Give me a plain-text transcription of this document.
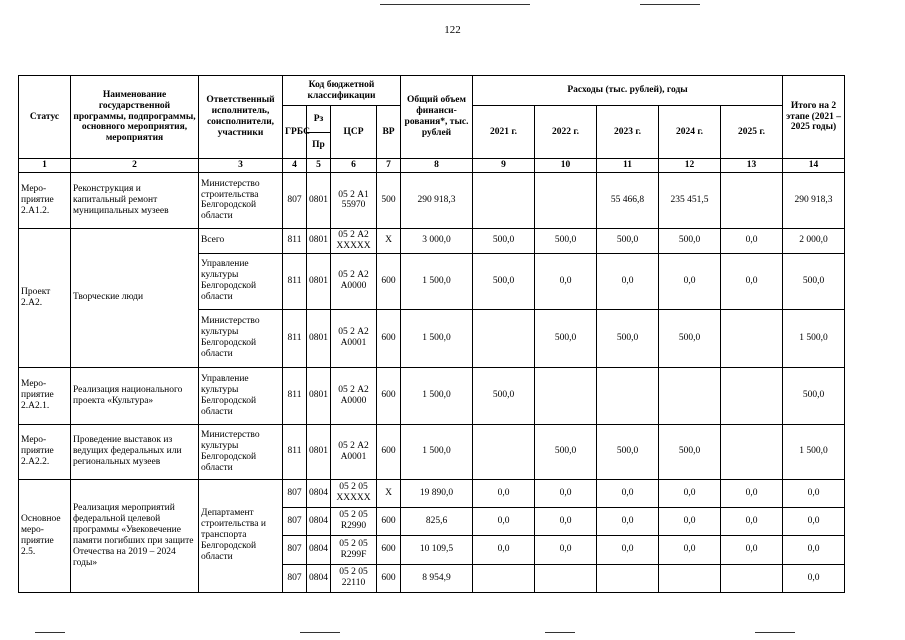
122
Статус	Наименование государственной программы, подпрограммы, основного мероприятия, мероприятия	Ответственный исполнитель, соисполнители, участники	Код бюджетной классификации				Общий объем финанси-рования*, тыс. рублей	Расходы (тыс. рублей), годы					Итого на 2 этапе (2021 – 2025 годы)
			ГРБС	Рз	ЦСР	ВР		2021 г.	2022 г.	2023 г.	2024 г.	2025 г.	
				Пр									
1	2	3	4	5	6	7	8	9	10	11	12	13	14
Меро-приятие 2.А1.2.	Реконструкция и капитальный ремонт муниципальных музеев	Министерство строительства Белгородской области	807	0801	05 2 А1 55970	500	290 918,3			55 466,8	235 451,5		290 918,3
Проект 2.А2.	Творческие люди	Всего	811	0801	05 2 А2 ХХХХХ	Х	3 000,0	500,0	500,0	500,0	500,0	0,0	2 000,0
		Управление культуры Белгородской области	811	0801	05 2 А2 А0000	600	1 500,0	500,0	0,0	0,0	0,0	0,0	500,0
		Министерство культуры Белгородской области	811	0801	05 2 А2 А0001	600	1 500,0		500,0	500,0	500,0		1 500,0
Меро-приятие 2.А2.1.	Реализация национального проекта «Культура»	Управление культуры Белгородской области	811	0801	05 2 А2 А0000	600	1 500,0	500,0					500,0
Меро-приятие 2.А2.2.	Проведение выставок из ведущих федеральных или региональных музеев	Министерство культуры Белгородской области	811	0801	05 2 А2 А0001	600	1 500,0		500,0	500,0	500,0		1 500,0
Основное меро-приятие 2.5.	Реализация мероприятий федеральной целевой программы «Увековечение памяти погибших при защите Отечества на 2019 – 2024 годы»	Департамент строительства и транспорта Белгородской области	807	0804	05 2 05 ХХХХХ	Х	19 890,0	0,0	0,0	0,0	0,0	0,0	0,0
			807	0804	05 2 05 R2990	600	825,6	0,0	0,0	0,0	0,0	0,0	0,0
			807	0804	05 2 05 R299F	600	10 109,5	0,0	0,0	0,0	0,0	0,0	0,0
			807	0804	05 2 05 22110	600	8 954,9						0,0
